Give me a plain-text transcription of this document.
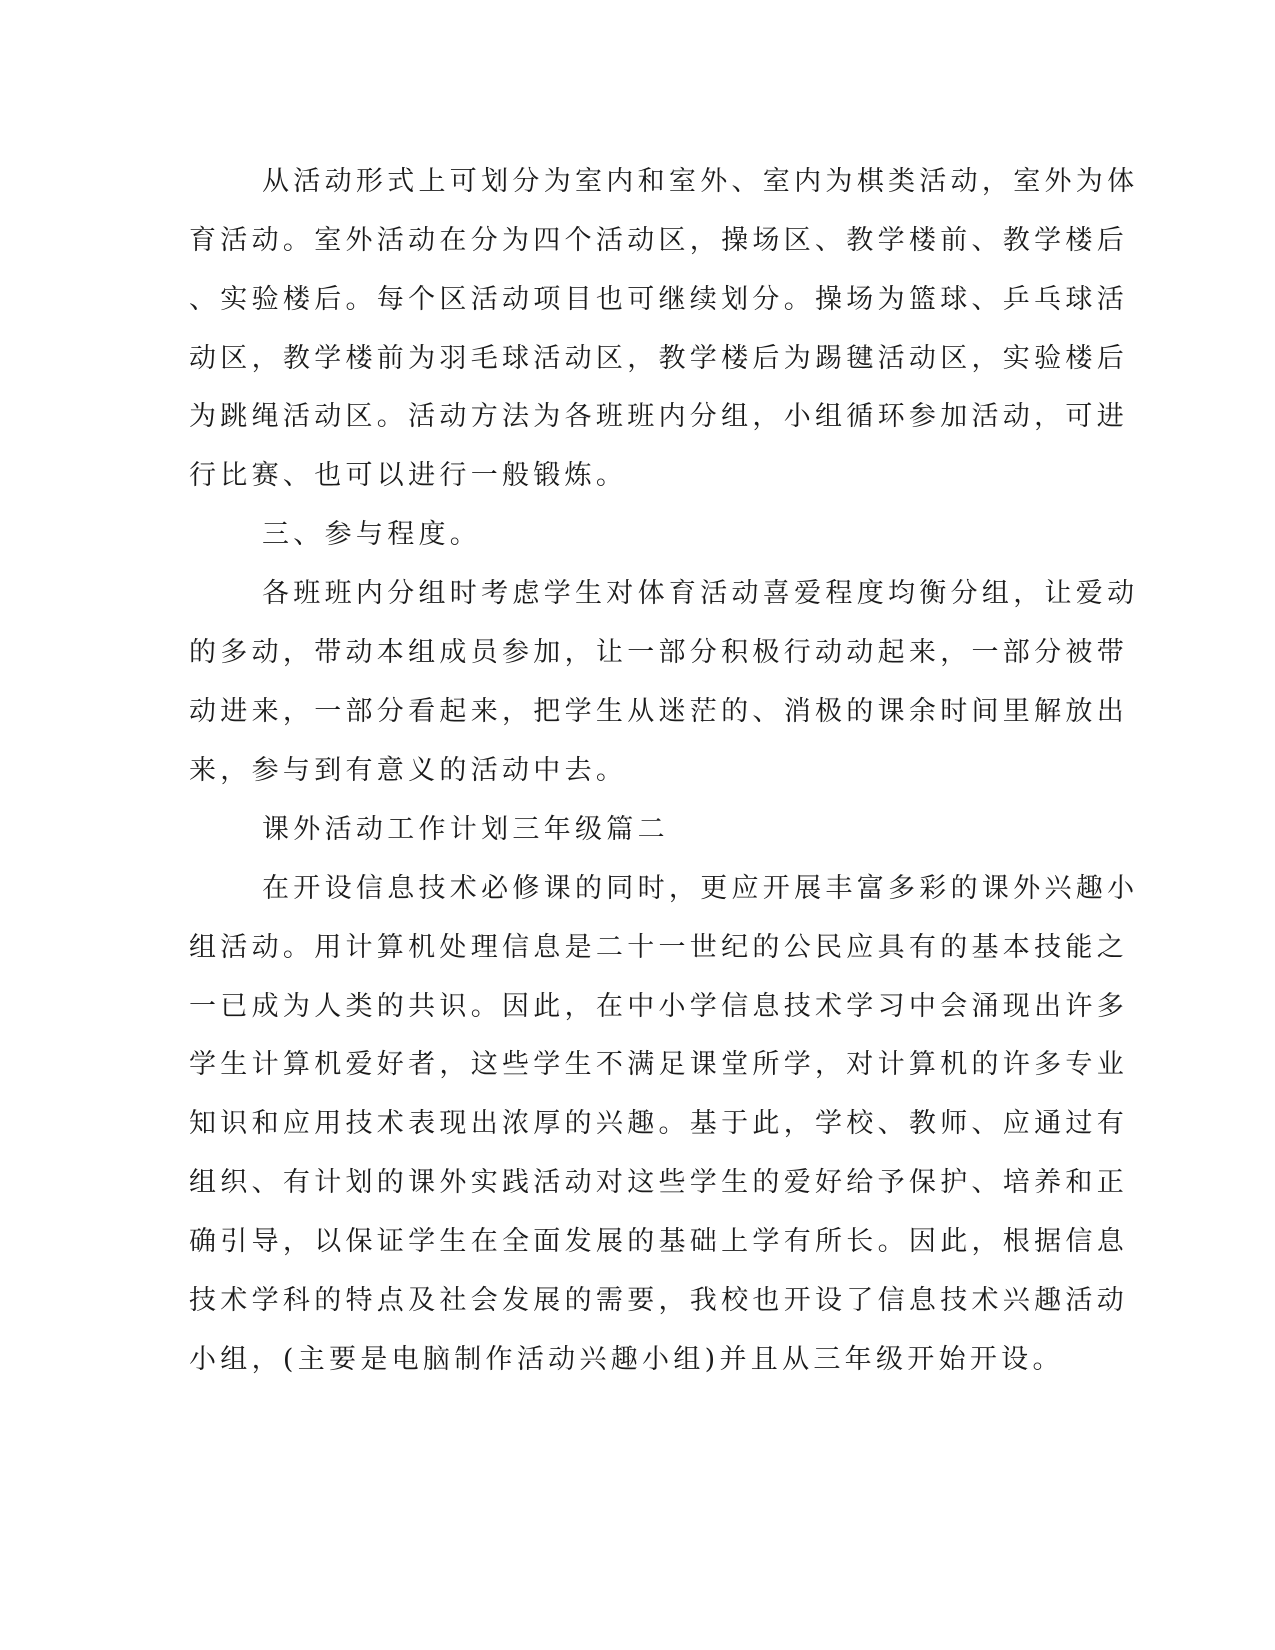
从活动形式上可划分为室内和室外、室内为棋类活动，室外为体
育活动。室外活动在分为四个活动区，操场区、教学楼前、教学楼后
、实验楼后。每个区活动项目也可继续划分。操场为篮球、乒乓球活
动区，教学楼前为羽毛球活动区，教学楼后为踢毽活动区，实验楼后
为跳绳活动区。活动方法为各班班内分组，小组循环参加活动，可进
行比赛、也可以进行一般锻炼。
三、参与程度。
各班班内分组时考虑学生对体育活动喜爱程度均衡分组，让爱动
的多动，带动本组成员参加，让一部分积极行动动起来，一部分被带
动进来，一部分看起来，把学生从迷茫的、消极的课余时间里解放出
来，参与到有意义的活动中去。
课外活动工作计划三年级篇二
在开设信息技术必修课的同时，更应开展丰富多彩的课外兴趣小
组活动。用计算机处理信息是二十一世纪的公民应具有的基本技能之
一已成为人类的共识。因此，在中小学信息技术学习中会涌现出许多
学生计算机爱好者，这些学生不满足课堂所学，对计算机的许多专业
知识和应用技术表现出浓厚的兴趣。基于此，学校、教师、应通过有
组织、有计划的课外实践活动对这些学生的爱好给予保护、培养和正
确引导，以保证学生在全面发展的基础上学有所长。因此，根据信息
技术学科的特点及社会发展的需要，我校也开设了信息技术兴趣活动
小组，(主要是电脑制作活动兴趣小组)并且从三年级开始开设。
